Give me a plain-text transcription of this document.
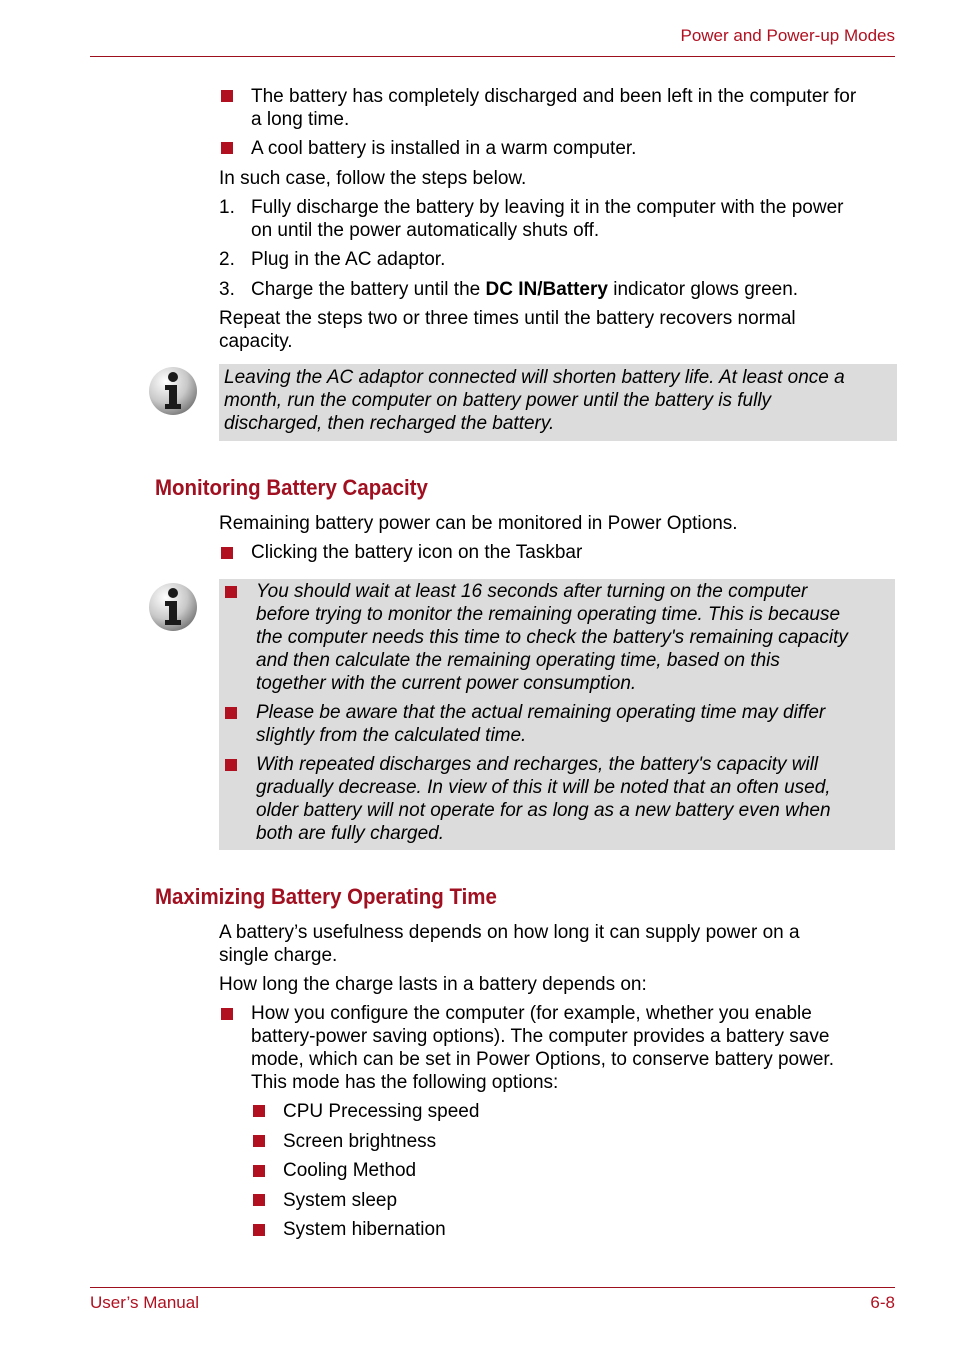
Power and Power-up Modes
The battery has completely discharged and been left in the computer for
a long time.
A cool battery is installed in a warm computer.
In such case, follow the steps below.
1. Fully discharge the battery by leaving it in the computer with the power
on until the power automatically shuts off.
2. Plug in the AC adaptor.
3. Charge the battery until the DC IN/Battery indicator glows green.
Repeat the steps two or three times until the battery recovers normal
capacity.
Leaving the AC adaptor connected will shorten battery life. At least once a
month, run the computer on battery power until the battery is fully
discharged, then recharged the battery.
Monitoring Battery Capacity
Remaining battery power can be monitored in Power Options.
Clicking the battery icon on the Taskbar
You should wait at least 16 seconds after turning on the computer
before trying to monitor the remaining operating time. This is because
the computer needs this time to check the battery's remaining capacity
and then calculate the remaining operating time, based on this
together with the current power consumption.
Please be aware that the actual remaining operating time may differ
slightly from the calculated time.
With repeated discharges and recharges, the battery's capacity will
gradually decrease. In view of this it will be noted that an often used,
older battery will not operate for as long as a new battery even when
both are fully charged.
Maximizing Battery Operating Time
A battery’s usefulness depends on how long it can supply power on a
single charge.
How long the charge lasts in a battery depends on:
How you configure the computer (for example, whether you enable
battery-power saving options). The computer provides a battery save
mode, which can be set in Power Options, to conserve battery power.
This mode has the following options:
CPU Precessing speed
Screen brightness
Cooling Method
System sleep
System hibernation
User’s Manual	6-8
